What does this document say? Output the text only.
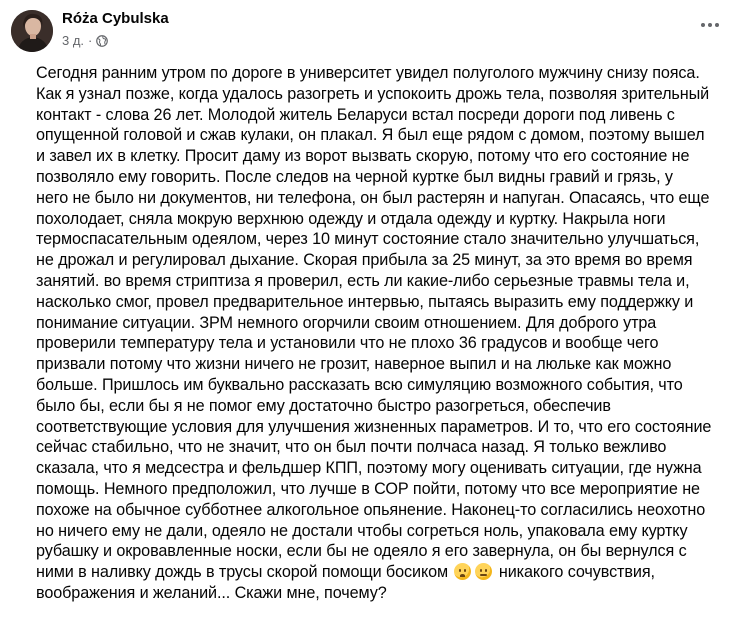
Róża Cybulska
3 д. ·
Сегодня ранним утром по дороге в университет увидел полуголого мужчину снизу пояса.
Как я узнал позже, когда удалось разогреть и успокоить дрожь тела, позволяя зрительный
контакт - слова 26 лет. Молодой житель Беларуси встал посреди дороги под ливень с
опущенной головой и сжав кулаки, он плакал. Я был еще рядом с домом, поэтому вышел
и завел их в клетку. Просит даму из ворот вызвать скорую, потому что его состояние не
позволяло ему говорить. После следов на черной куртке был видны гравий и грязь, у
него не было ни документов, ни телефона, он был растерян и напуган. Опасаясь, что еще
похолодает, сняла мокрую верхнюю одежду и отдала одежду и куртку. Накрыла ноги
термоспасательным одеялом, через 10 минут состояние стало значительно улучшаться,
не дрожал и регулировал дыхание. Скорая прибыла за 25 минут, за это время во время
занятий. во время стриптиза я проверил, есть ли какие-либо серьезные травмы тела и,
насколько смог, провел предварительное интервью, пытаясь выразить ему поддержку и
понимание ситуации. ЗРМ немного огорчили своим отношением. Для доброго утра
проверили температуру тела и установили что не плохо 36 градусов и вообще чего
призвали потому что жизни ничего не грозит, наверное выпил и на люльке как можно
больше. Пришлось им буквально рассказать всю симуляцию возможного события, что
было бы, если бы я не помог ему достаточно быстро разогреться, обеспечив
соответствующие условия для улучшения жизненных параметров. И то, что его состояние
сейчас стабильно, что не значит, что он был почти полчаса назад. Я только вежливо
сказала, что я медсестра и фельдшер КПП, поэтому могу оценивать ситуации, где нужна
помощь. Немного предположил, что лучше в СОР пойти, потому что все мероприятие не
похоже на обычное субботнее алкогольное опьянение. Наконец-то согласились неохотно
но ничего ему не дали, одеяло не достали чтобы согреться ноль, упаковала ему куртку
рубашку и окровавленные носки, если бы не одеяло я его завернула, он бы вернулся с
ними в наливку дождь в трусы скорой помощи босиком	никакого сочувствия,
воображения и желаний... Скажи мне, почему?
